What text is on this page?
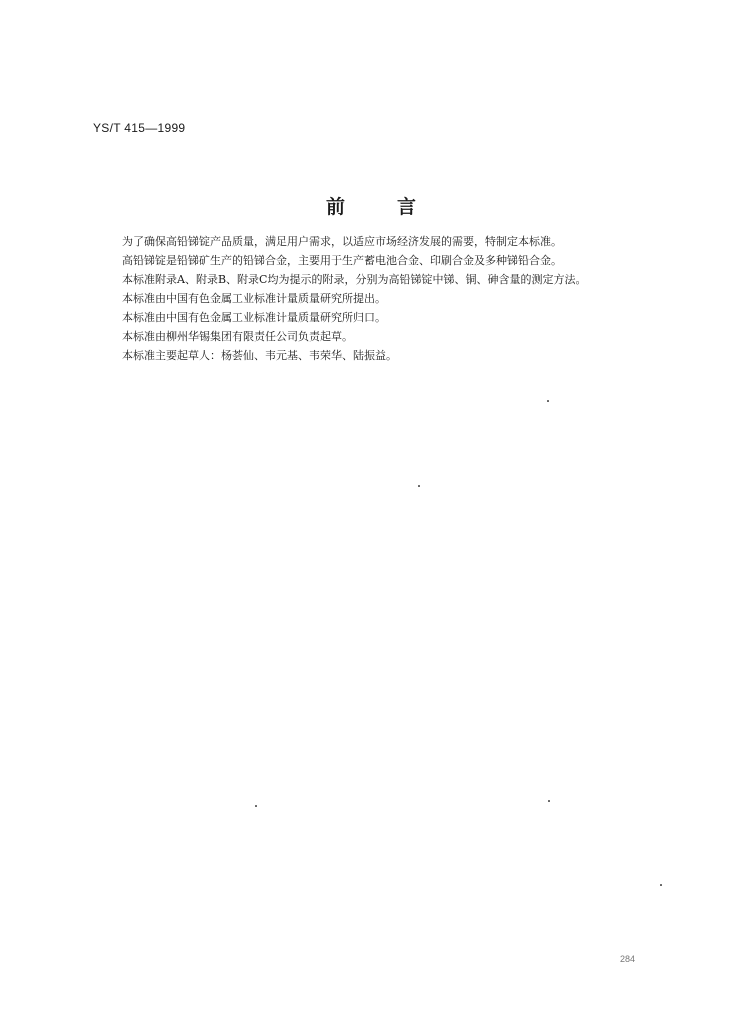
YS/T 415—1999
前	言
为了确保高铅锑锭产品质量，满足用户需求，以适应市场经济发展的需要，特制定本标准。
高铅锑锭是铅锑矿生产的铅锑合金，主要用于生产蓄电池合金、印刷合金及多种锑铅合金。
本标准附录A、附录B、附录C均为提示的附录，分别为高铅锑锭中锑、铜、砷含量的测定方法。
本标准由中国有色金属工业标准计量质量研究所提出。
本标准由中国有色金属工业标准计量质量研究所归口。
本标准由柳州华锡集团有限责任公司负责起草。
本标准主要起草人：杨荟仙、韦元基、韦荣华、陆振益。
284
